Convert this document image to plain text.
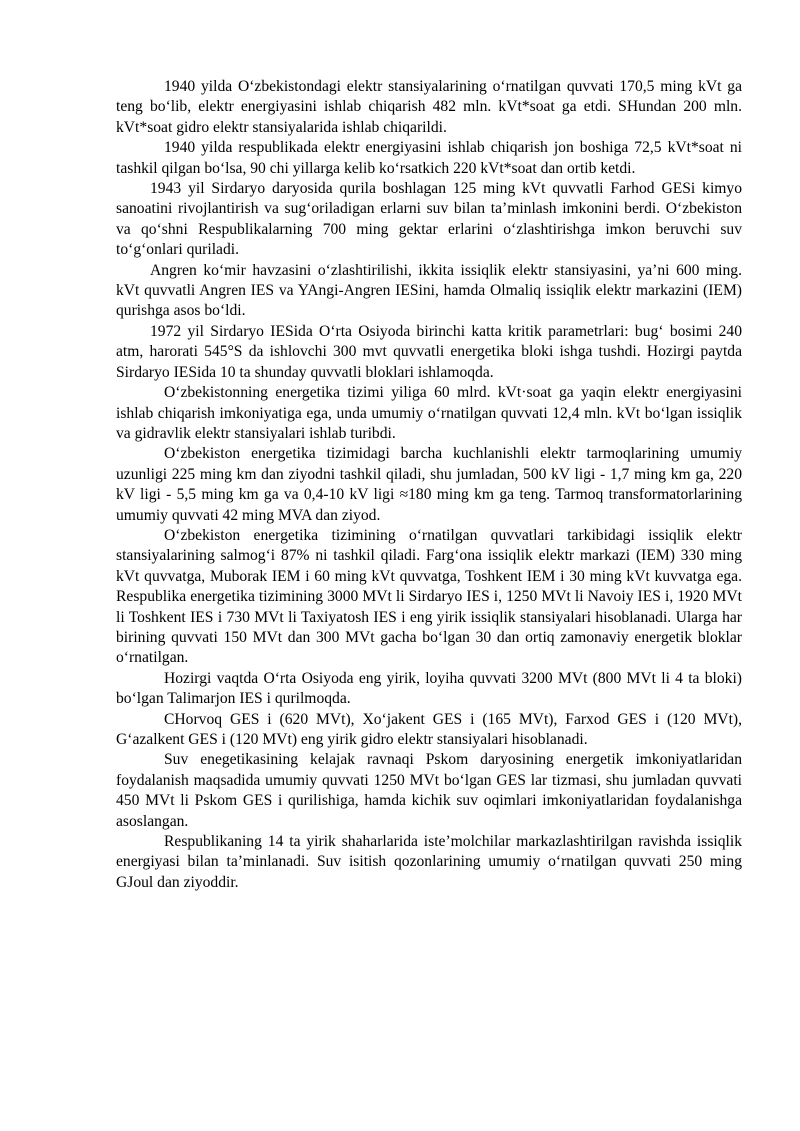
1940 yilda O‘zbekistondagi elektr stansiyalarining o‘rnatilgan quvvati 170,5 ming kVt ga teng bo‘lib, elektr energiyasini ishlab chiqarish 482 mln. kVt*soat ga etdi. SHundan 200 mln. kVt*soat gidro elektr stansiyalarida ishlab chiqarildi.

1940 yilda respublikada elektr energiyasini ishlab chiqarish jon boshiga 72,5 kVt*soat ni tashkil qilgan bo‘lsa, 90 chi yillarga kelib ko‘rsatkich 220 kVt*soat dan ortib ketdi.

1943 yil Sirdaryo daryosida qurila boshlagan 125 ming kVt quvvatli Farhod GESi kimyo sanoatini rivojlantirish va sug‘oriladigan erlarni suv bilan ta’minlash imkonini berdi. O‘zbekiston va qo‘shni Respublikalarning 700 ming gektar erlarini o‘zlashtirishga imkon beruvchi suv to‘g‘onlari quriladi.

Angren ko‘mir havzasini o‘zlashtirilishi, ikkita issiqlik elektr stansiyasini, ya’ni 600 ming. kVt quvvatli Angren IES va YAngi-Angren IESini, hamda Olmaliq issiqlik elektr markazini (IEM) qurishga asos bo‘ldi.

1972 yil Sirdaryo IESida O‘rta Osiyoda birinchi katta kritik parametrlari: bug‘ bosimi 240 atm, harorati 545°S da ishlovchi 300 mvt quvvatli energetika bloki ishga tushdi. Hozirgi paytda Sirdaryo IESida 10 ta shunday quvvatli bloklari ishlamoqda.

O‘zbekistonning energetika tizimi yiliga 60 mlrd. kVt·soat ga yaqin elektr energiyasini ishlab chiqarish imkoniyatiga ega, unda umumiy o‘rnatilgan quvvati 12,4 mln. kVt bo‘lgan issiqlik va gidravlik elektr stansiyalari ishlab turibdi.

O‘zbekiston energetika tizimidagi barcha kuchlanishli elektr tarmoqlarining umumiy uzunligi 225 ming km dan ziyodni tashkil qiladi, shu jumladan, 500 kV ligi - 1,7 ming km ga, 220 kV ligi - 5,5 ming km ga va 0,4-10 kV ligi ≈180 ming km ga teng. Tarmoq transformatorlarining umumiy quvvati 42 ming MVA dan ziyod.

O‘zbekiston energetika tizimining o‘rnatilgan quvvatlari tarkibidagi issiqlik elektr stansiyalarining salmog‘i 87% ni tashkil qiladi. Farg‘ona issiqlik elektr markazi (IEM) 330 ming kVt quvvatga, Muborak IEM i 60 ming kVt quvvatga, Toshkent IEM i 30 ming kVt kuvvatga ega. Respublika energetika tizimining 3000 MVt li Sirdaryo IES i, 1250 MVt li Navoiy IES i, 1920 MVt li Toshkent IES i 730 MVt li Taxiyatosh IES i eng yirik issiqlik stansiyalari hisoblanadi. Ularga har birining quvvati 150 MVt dan 300 MVt gacha bo‘lgan 30 dan ortiq zamonaviy energetik bloklar o‘rnatilgan.

Hozirgi vaqtda O‘rta Osiyoda eng yirik, loyiha quvvati 3200 MVt (800 MVt li 4 ta bloki) bo‘lgan Talimarjon IES i qurilmoqda.

CHorvoq GES i (620 MVt), Xo‘jakent GES i (165 MVt), Farxod GES i (120 MVt), G‘azalkent GES i (120 MVt) eng yirik gidro elektr stansiyalari hisoblanadi.

Suv enegetikasining kelajak ravnaqi Pskom daryosining energetik imkoniyatlaridan foydalanish maqsadida umumiy quvvati 1250 MVt bo‘lgan GES lar tizmasi, shu jumladan quvvati 450 MVt li Pskom GES i qurilishiga, hamda kichik suv oqimlari imkoniyatlaridan foydalanishga asoslangan.

Respublikaning 14 ta yirik shaharlarida iste’molchilar markazlashtirilgan ravishda issiqlik energiyasi bilan ta’minlanadi. Suv isitish qozonlarining umumiy o‘rnatilgan quvvati 250 ming GJoul dan ziyoddir.
